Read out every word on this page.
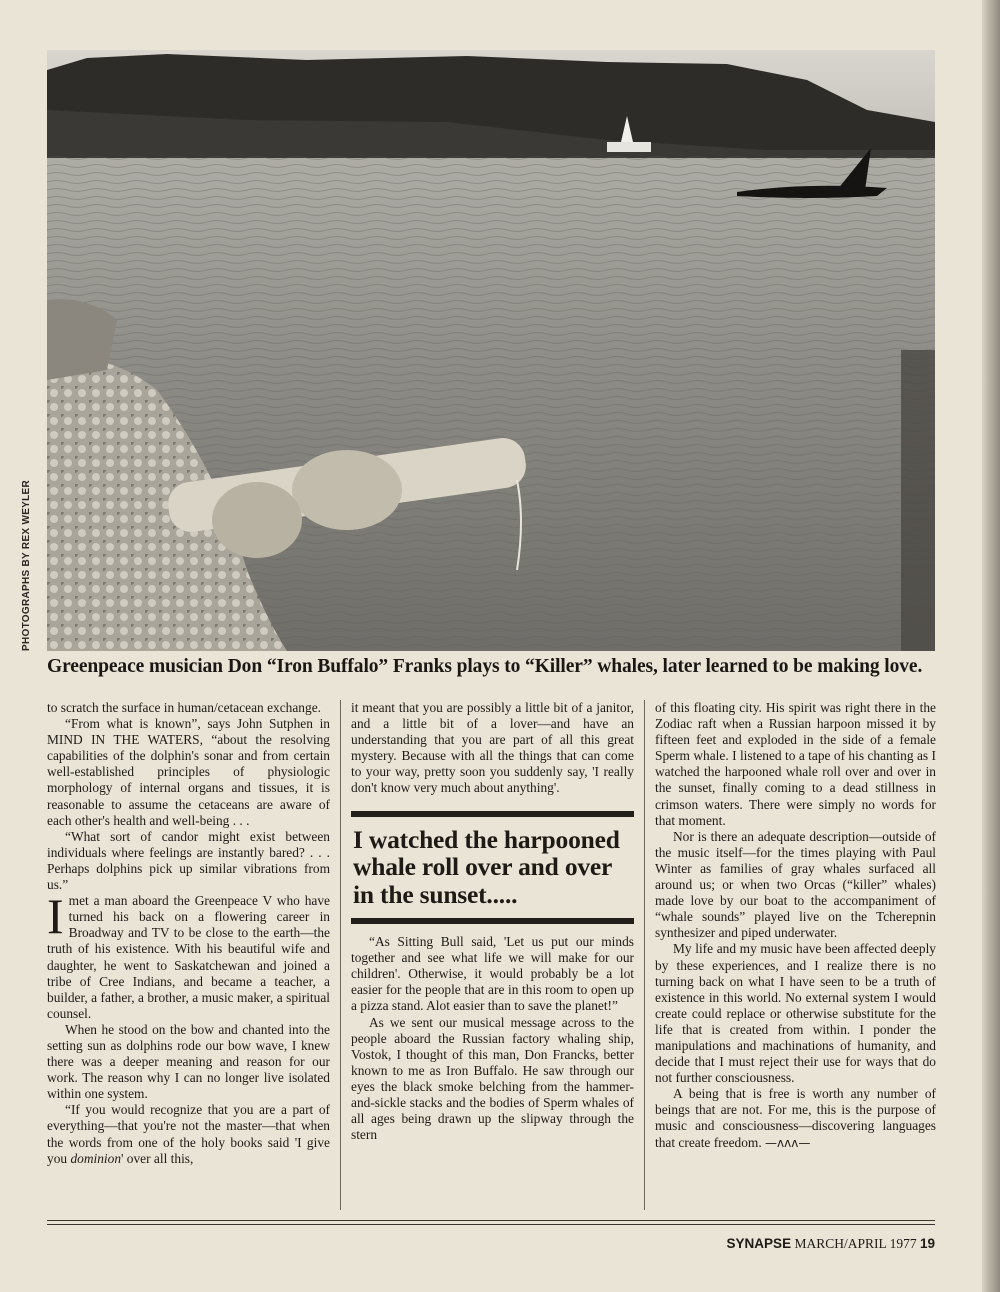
PHOTOGRAPHS BY REX WEYLER
Greenpeace musician Don “Iron Buffalo” Franks plays to “Killer” whales, later learned to be making love.

to scratch the surface in human/cetacean exchange.

“From what is known”, says John Sutphen in MIND IN THE WATERS, “about the resolving capabilities of the dolphin's sonar and from certain well-established principles of physiologic morphology of internal organs and tissues, it is reasonable to assume the cetaceans are aware of each other's health and well-being . . .

“What sort of candor might exist between individuals where feelings are instantly bared? . . . Perhaps dolphins pick up similar vibrations from us.”

Imet a man aboard the Greenpeace V who have turned his back on a flowering career in Broadway and TV to be close to the earth—the truth of his existence. With his beautiful wife and daughter, he went to Saskatchewan and joined a tribe of Cree Indians, and became a teacher, a builder, a father, a brother, a music maker, a spiritual counsel.

When he stood on the bow and chanted into the setting sun as dolphins rode our bow wave, I knew there was a deeper meaning and reason for our work. The reason why I can no longer live isolated within one system.

“If you would recognize that you are a part of everything—that you're not the master—that when the words from one of the holy books said 'I give you dominion' over all this,

it meant that you are possibly a little bit of a janitor, and a little bit of a lover—and have an understanding that you are part of all this great mystery. Because with all the things that can come to your way, pretty soon you suddenly say, 'I really don't know very much about anything'.

I watched the harpooned whale roll over and over in the sunset.....

“As Sitting Bull said, 'Let us put our minds together and see what life we will make for our children'. Otherwise, it would probably be a lot easier for the people that are in this room to open up a pizza stand. Alot easier than to save the planet!”

As we sent our musical message across to the people aboard the Russian factory whaling ship, Vostok, I thought of this man, Don Francks, better known to me as Iron Buffalo. He saw through our eyes the black smoke belching from the hammer-and-sickle stacks and the bodies of Sperm whales of all ages being drawn up the slipway through the stern

of this floating city. His spirit was right there in the Zodiac raft when a Russian harpoon missed it by fifteen feet and exploded in the side of a female Sperm whale. I listened to a tape of his chanting as I watched the harpooned whale roll over and over in the sunset, finally coming to a dead stillness in crimson waters. There were simply no words for that moment.

Nor is there an adequate description—outside of the music itself—for the times playing with Paul Winter as families of gray whales surfaced all around us; or when two Orcas (“killer” whales) made love by our boat to the accompaniment of “whale sounds” played live on the Tcherepnin synthesizer and piped underwater.

My life and my music have been affected deeply by these experiences, and I realize there is no turning back on what I have seen to be a truth of existence in this world. No external system I would create could replace or otherwise substitute for the life that is created from within. I ponder the manipulations and machinations of humanity, and decide that I must reject their use for ways that do not further consciousness.

A being that is free is worth any number of beings that are not. For me, this is the purpose of music and consciousness—discovering languages that create freedom. —ʌʌʌ—

SYNAPSE MARCH/APRIL 1977 19
